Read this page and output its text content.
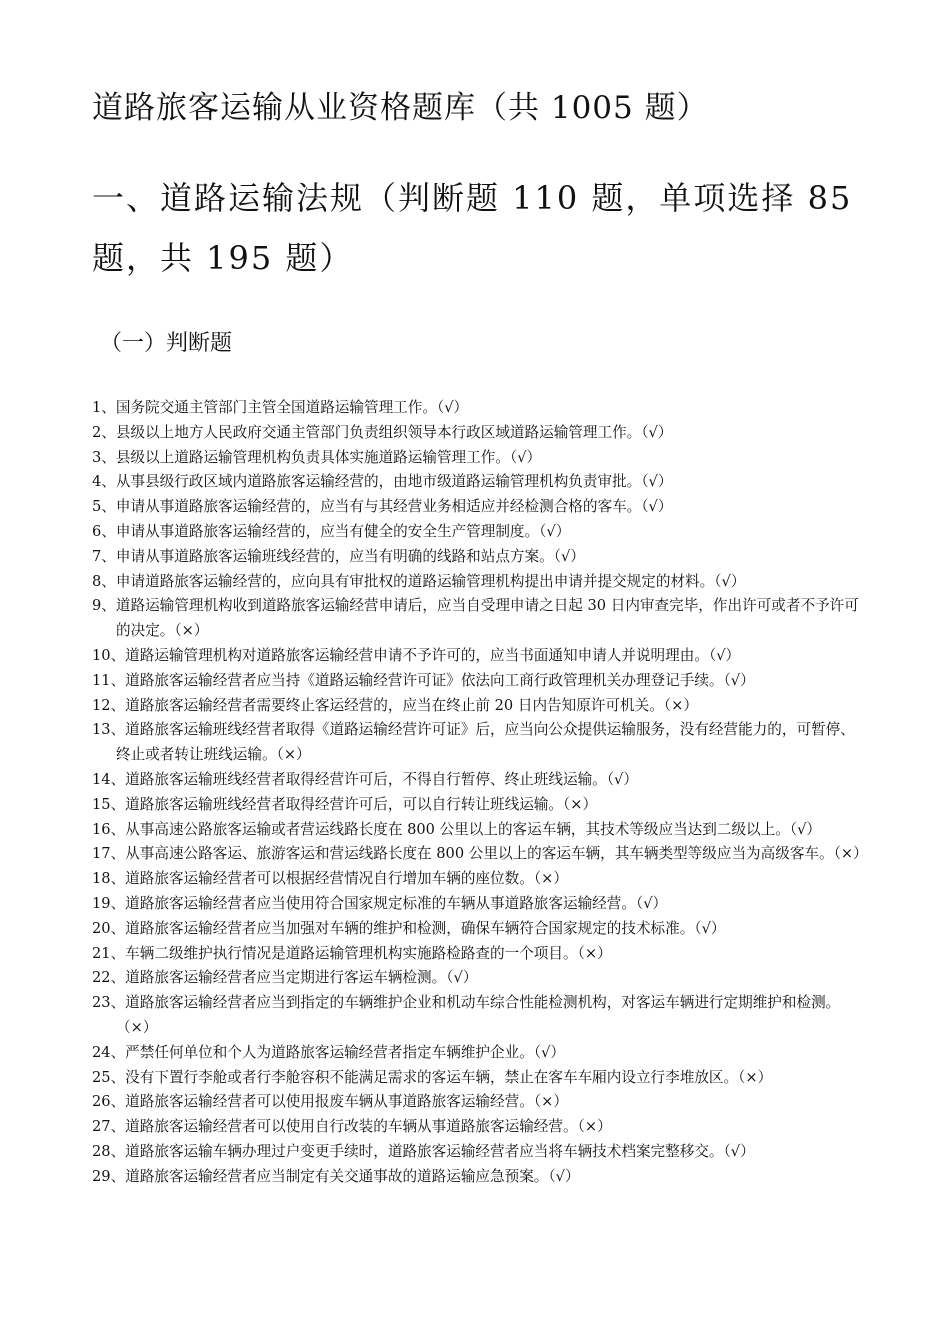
道路旅客运输从业资格题库（共 1005 题）
一、道路运输法规（判断题 110 题，单项选择 85 题，共 195 题）
（一）判断题
1、国务院交通主管部门主管全国道路运输管理工作。（√）
2、县级以上地方人民政府交通主管部门负责组织领导本行政区域道路运输管理工作。（√）
3、县级以上道路运输管理机构负责具体实施道路运输管理工作。（√）
4、从事县级行政区域内道路旅客运输经营的，由地市级道路运输管理机构负责审批。（√）
5、申请从事道路旅客运输经营的，应当有与其经营业务相适应并经检测合格的客车。（√）
6、申请从事道路旅客运输经营的，应当有健全的安全生产管理制度。（√）
7、申请从事道路旅客运输班线经营的，应当有明确的线路和站点方案。（√）
8、申请道路旅客运输经营的，应向具有审批权的道路运输管理机构提出申请并提交规定的材料。（√）
9、道路运输管理机构收到道路旅客运输经营申请后，应当自受理申请之日起 30 日内审查完毕，作出许可或者不予许可的决定。（×）
10、道路运输管理机构对道路旅客运输经营申请不予许可的，应当书面通知申请人并说明理由。（√）
11、道路旅客运输经营者应当持《道路运输经营许可证》依法向工商行政管理机关办理登记手续。（√）
12、道路旅客运输经营者需要终止客运经营的，应当在终止前 20 日内告知原许可机关。（×）
13、道路旅客运输班线经营者取得《道路运输经营许可证》后，应当向公众提供运输服务，没有经营能力的，可暂停、终止或者转让班线运输。（×）
14、道路旅客运输班线经营者取得经营许可后，不得自行暂停、终止班线运输。（√）
15、道路旅客运输班线经营者取得经营许可后，可以自行转让班线运输。（×）
16、从事高速公路旅客运输或者营运线路长度在 800 公里以上的客运车辆，其技术等级应当达到二级以上。（√）
17、从事高速公路客运、旅游客运和营运线路长度在 800 公里以上的客运车辆，其车辆类型等级应当为高级客车。（×）
18、道路旅客运输经营者可以根据经营情况自行增加车辆的座位数。（×）
19、道路旅客运输经营者应当使用符合国家规定标准的车辆从事道路旅客运输经营。（√）
20、道路旅客运输经营者应当加强对车辆的维护和检测，确保车辆符合国家规定的技术标准。（√）
21、车辆二级维护执行情况是道路运输管理机构实施路检路查的一个项目。（×）
22、道路旅客运输经营者应当定期进行客运车辆检测。（√）
23、道路旅客运输经营者应当到指定的车辆维护企业和机动车综合性能检测机构，对客运车辆进行定期维护和检测。（×）
24、严禁任何单位和个人为道路旅客运输经营者指定车辆维护企业。（√）
25、没有下置行李舱或者行李舱容积不能满足需求的客运车辆，禁止在客车车厢内设立行李堆放区。（×）
26、道路旅客运输经营者可以使用报废车辆从事道路旅客运输经营。（×）
27、道路旅客运输经营者可以使用自行改装的车辆从事道路旅客运输经营。（×）
28、道路旅客运输车辆办理过户变更手续时，道路旅客运输经营者应当将车辆技术档案完整移交。（√）
29、道路旅客运输经营者应当制定有关交通事故的道路运输应急预案。（√）
